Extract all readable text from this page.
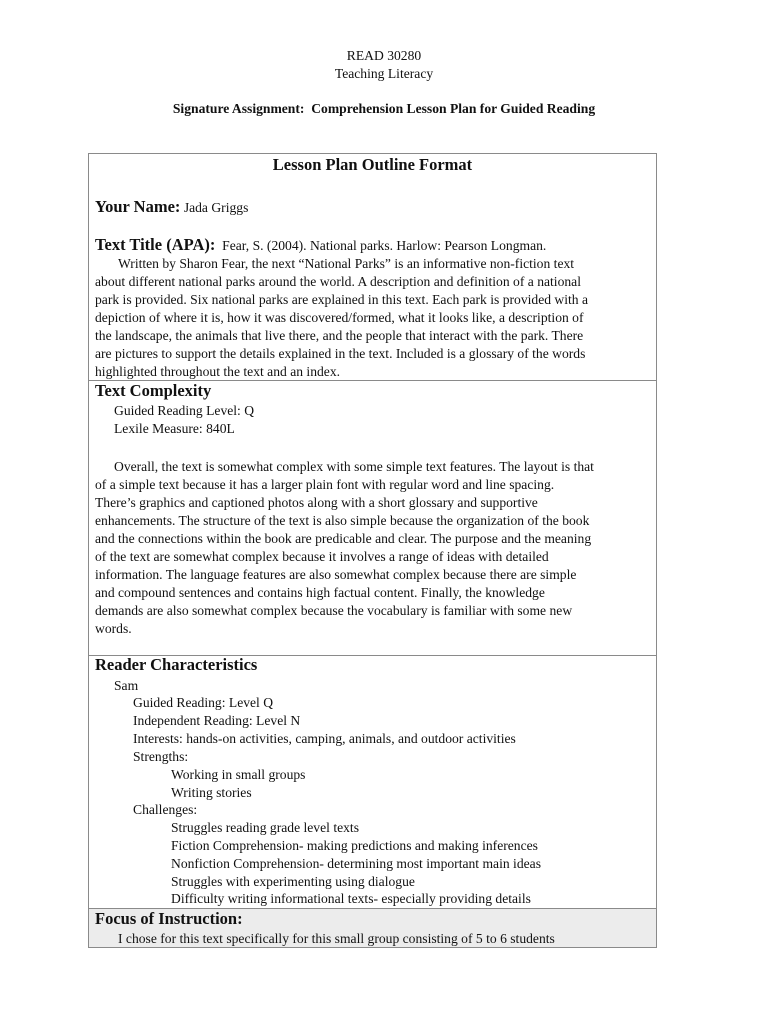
READ 30280
Teaching Literacy
Signature Assignment: Comprehension Lesson Plan for Guided Reading
Lesson Plan Outline Format
Your Name: Jada Griggs
Text Title (APA): Fear, S. (2004). National parks. Harlow: Pearson Longman.
Written by Sharon Fear, the next “National Parks” is an informative non-fiction text
about different national parks around the world. A description and definition of a national
park is provided. Six national parks are explained in this text. Each park is provided with a
depiction of where it is, how it was discovered/formed, what it looks like, a description of
the landscape, the animals that live there, and the people that interact with the park. There
are pictures to support the details explained in the text. Included is a glossary of the words
highlighted throughout the text and an index.
Text Complexity
Guided Reading Level: Q
Lexile Measure: 840L
Overall, the text is somewhat complex with some simple text features. The layout is that
of a simple text because it has a larger plain font with regular word and line spacing.
There’s graphics and captioned photos along with a short glossary and supportive
enhancements. The structure of the text is also simple because the organization of the book
and the connections within the book are predicable and clear. The purpose and the meaning
of the text are somewhat complex because it involves a range of ideas with detailed
information. The language features are also somewhat complex because there are simple
and compound sentences and contains high factual content. Finally, the knowledge
demands are also somewhat complex because the vocabulary is familiar with some new
words.
Reader Characteristics
Sam
Guided Reading: Level Q
Independent Reading: Level N
Interests: hands-on activities, camping, animals, and outdoor activities
Strengths:
Working in small groups
Writing stories
Challenges:
Struggles reading grade level texts
Fiction Comprehension- making predictions and making inferences
Nonfiction Comprehension- determining most important main ideas
Struggles with experimenting using dialogue
Difficulty writing informational texts- especially providing details
Focus of Instruction:
I chose for this text specifically for this small group consisting of 5 to 6 students
